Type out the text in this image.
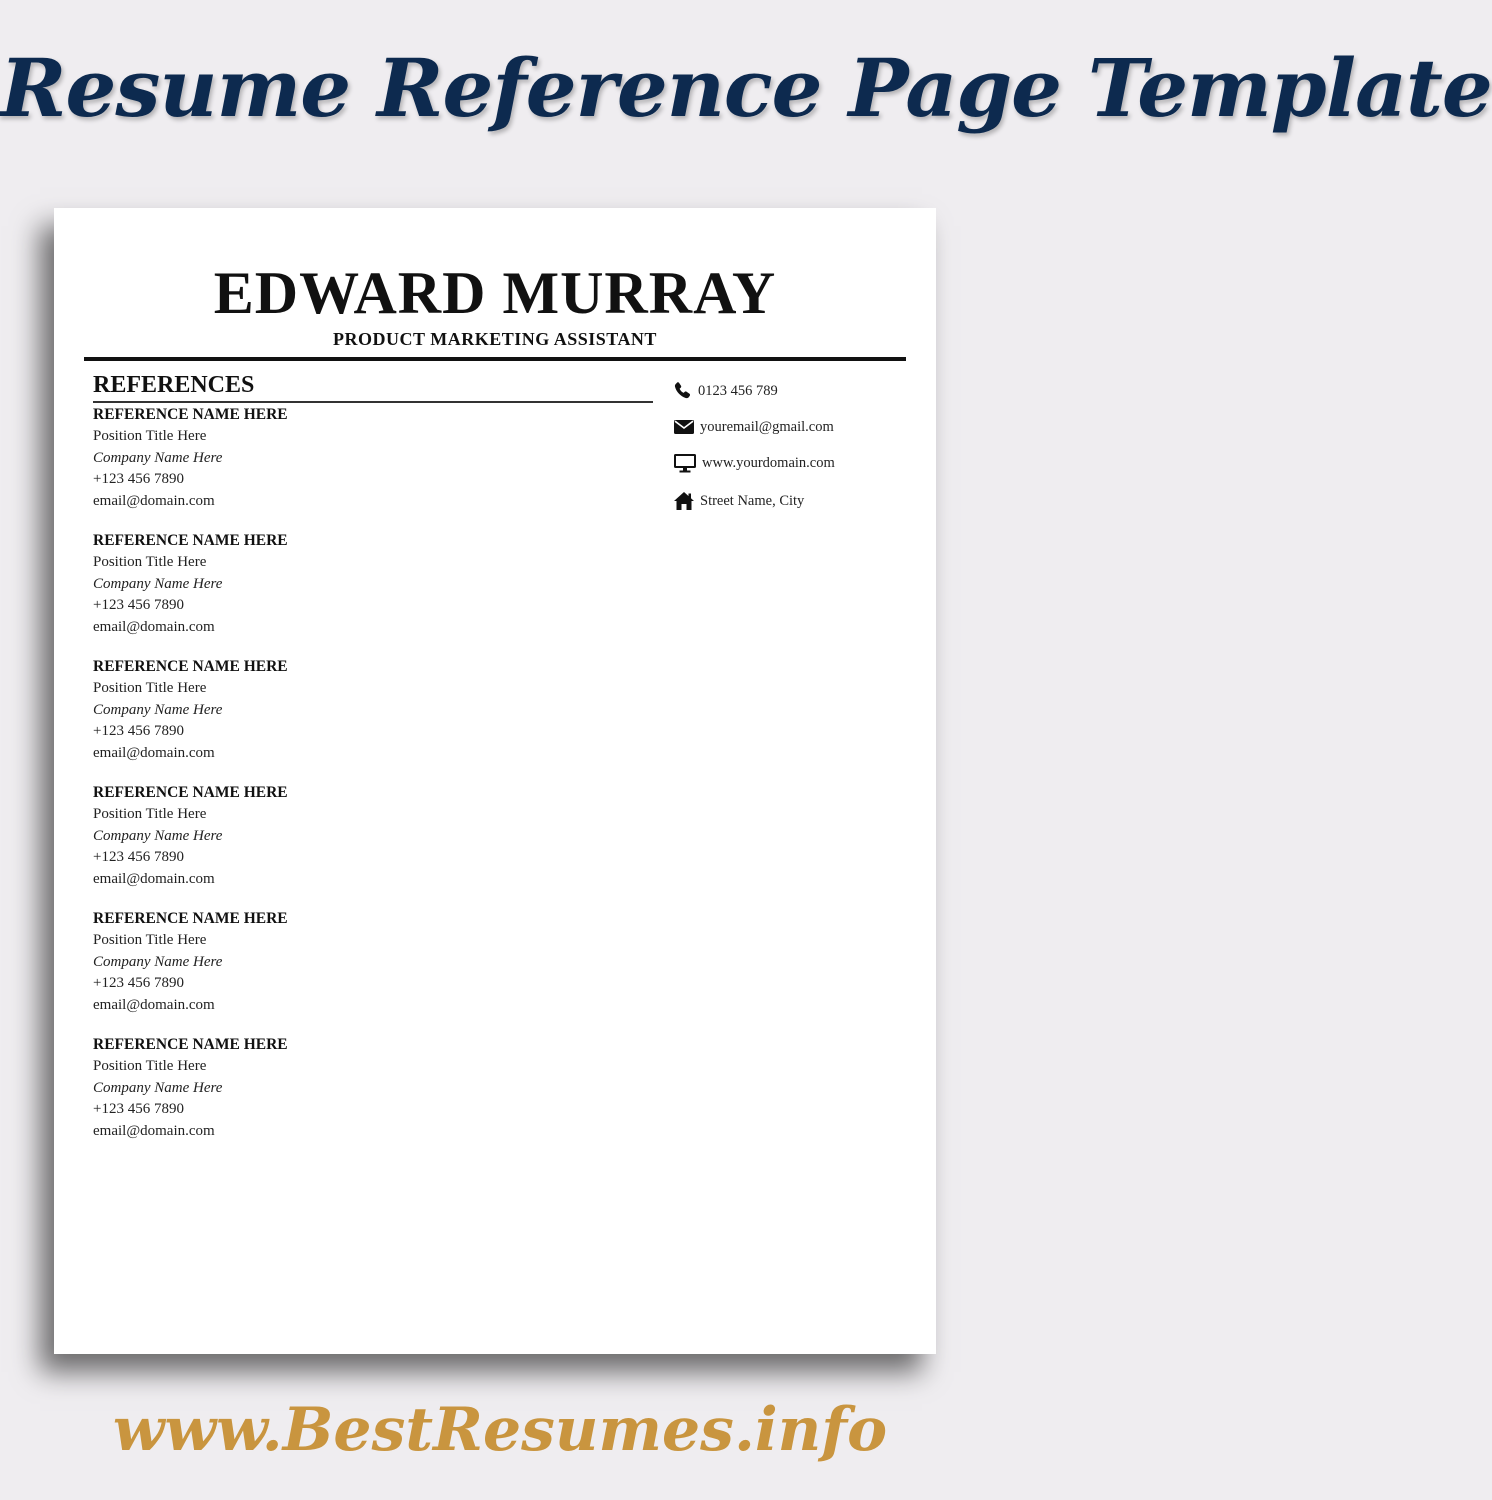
Resume Reference Page Template
EDWARD MURRAY
PRODUCT MARKETING ASSISTANT
REFERENCES
REFERENCE NAME HERE
Position Title Here
Company Name Here
+123 456 7890
email@domain.com
REFERENCE NAME HERE
Position Title Here
Company Name Here
+123 456 7890
email@domain.com
REFERENCE NAME HERE
Position Title Here
Company Name Here
+123 456 7890
email@domain.com
REFERENCE NAME HERE
Position Title Here
Company Name Here
+123 456 7890
email@domain.com
REFERENCE NAME HERE
Position Title Here
Company Name Here
+123 456 7890
email@domain.com
REFERENCE NAME HERE
Position Title Here
Company Name Here
+123 456 7890
email@domain.com
0123 456 789
youremail@gmail.com
www.yourdomain.com
Street Name, City
www.BestResumes.info
